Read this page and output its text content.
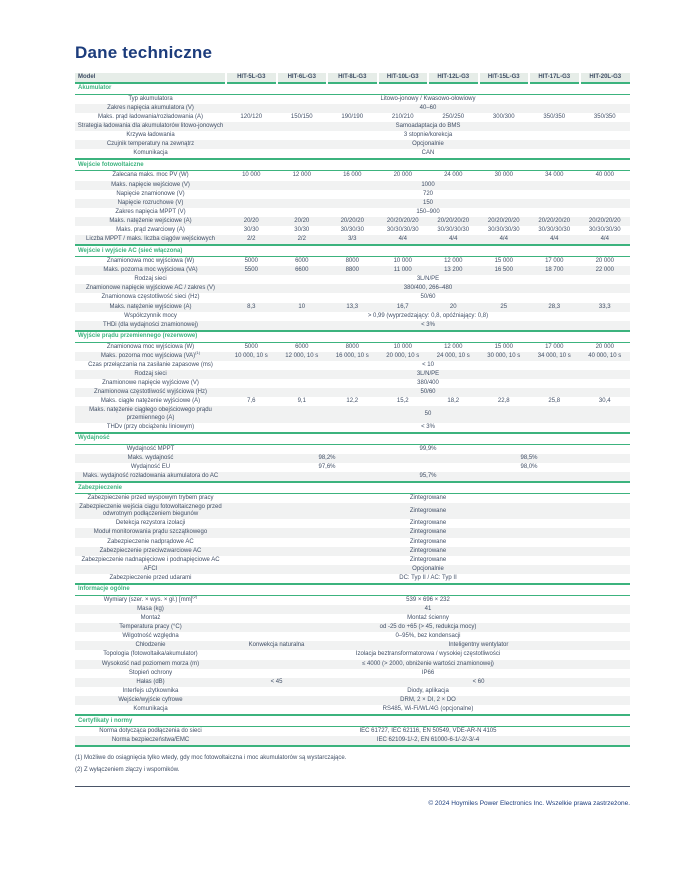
Dane techniczne
Model	HIT-5L-G3	HIT-6L-G3	HIT-8L-G3	HIT-10L-G3	HIT-12L-G3	HIT-15L-G3	HIT-17L-G3	HIT-20L-G3
Akumulator								
Typ akumulatora	Litowo-jonowy / Kwasowo-ołowiowy							
Zakres napięcia akumulatora (V)	40–60							
Maks. prąd ładowania/rozładowania (A)	120/120	150/150	190/190	210/210	250/250	300/300	350/350	350/350
Strategia ładowania dla akumulatorów litowo-jonowych	Samoadaptacja do BMS							
Krzywa ładowania	3 stopnie/korekcja							
Czujnik temperatury na zewnątrz	Opcjonalnie							
Komunikacja	CAN							
Wejście fotowoltaiczne								
Zalecana maks. moc PV (W)	10 000	12 000	16 000	20 000	24 000	30 000	34 000	40 000
Maks. napięcie wejściowe (V)	1000							
Napięcie znamionowe (V)	720							
Napięcie rozruchowe (V)	150							
Zakres napięcia MPPT (V)	150–900							
Maks. natężenie wejściowe (A)	20/20	20/20	20/20/20	20/20/20/20	20/20/20/20	20/20/20/20	20/20/20/20	20/20/20/20
Maks. prąd zwarciowy (A)	30/30	30/30	30/30/30	30/30/30/30	30/30/30/30	30/30/30/30	30/30/30/30	30/30/30/30
Liczba MPPT / maks. liczba ciągów wejściowych	2/2	2/2	3/3	4/4	4/4	4/4	4/4	4/4
Wejście i wyjście AC (sieć włączona)								
Znamionowa moc wyjściowa (W)	5000	6000	8000	10 000	12 000	15 000	17 000	20 000
Maks. pozorna moc wyjściowa (VA)	5500	6600	8800	11 000	13 200	16 500	18 700	22 000
Rodzaj sieci	3L/N/PE							
Znamionowe napięcie wyjściowe AC / zakres (V)	380/400, 266–480							
Znamionowa częstotliwość sieci (Hz)	50/60							
Maks. natężenie wyjściowe (A)	8,3	10	13,3	16,7	20	25	28,3	33,3
Współczynnik mocy	> 0,99 (wyprzedzający: 0,8, opóźniający: 0,8)							
THDi (dla wydajności znamionowej)	< 3%							
Wyjście prądu przemiennego (rezerwowe)								
Znamionowa moc wyjściowa (W)	5000	6000	8000	10 000	12 000	15 000	17 000	20 000
Maks. pozorna moc wyjściowa (VA)$^{(1)}$	10 000, 10 s	12 000, 10 s	16 000, 10 s	20 000, 10 s	24 000, 10 s	30 000, 10 s	34 000, 10 s	40 000, 10 s
Czas przełączania na zasilanie zapasowe (ms)	< 10							
Rodzaj sieci	3L/N/PE							
Znamionowe napięcie wyjściowe (V)	380/400							
Znamionowa częstotliwość wyjściowa (Hz)	50/60							
Maks. ciągłe natężenie wyjściowe (A)	7,6	9,1	12,2	15,2	18,2	22,8	25,8	30,4
Maks. natężenie ciągłego obejściowego prądu przemiennego (A)	50							
THDv (przy obciążeniu liniowym)	< 3%							
Wydajność								
Wydajność MPPT	99,9%							
Maks. wydajność	98,2%				98,5%			
Wydajność EU	97,6%				98,0%			
Maks. wydajność rozładowania akumulatora do AC	95,7%							
Zabezpieczenie								
Zabezpieczenie przed wyspowym trybem pracy	Zintegrowane							
Zabezpieczenie wejścia ciągu fotowoltaicznego przed odwrotnym podłączeniem biegunów	Zintegrowane							
Detekcja rezystora izolacji	Zintegrowane							
Moduł monitorowania prądu szczątkowego	Zintegrowane							
Zabezpieczenie nadprądowe AC	Zintegrowane							
Zabezpieczenie przeciwzwarciowe AC	Zintegrowane							
Zabezpieczenie nadnapięciowe i podnapięciowe AC	Zintegrowane							
AFCI	Opcjonalnie							
Zabezpieczenie przed udarami	DC: Typ II / AC: Typ II							
Informacje ogólne								
Wymiary (szer. × wys. × gł.) [mm]$^{(2)}$	539 × 696 × 232							
Masa (kg)	41							
Montaż	Montaż ścienny							
Temperatura pracy (°C)	od -25 do +65 (> 45, redukcja mocy)							
Wilgotność względna	0–95%, bez kondensacji							
Chłodzenie	Konwekcja naturalna		Inteligentny wentylator					
Topologia (fotowoltaika/akumulator)	Izolacja beztransformatorowa / wysokiej częstotliwości							
Wysokość nad poziomem morza (m)	≤ 4000 (> 2000, obniżenie wartości znamionowej)							
Stopień ochrony	IP66							
Hałas (dB)	< 45		< 60					
Interfejs użytkownika	Diody, aplikacja							
Wejście/wyjście cyfrowe	DRM, 2 × DI, 2 × DO							
Komunikacja	RS485, Wi-Fi/WL/4G (opcjonalne)							
Certyfikaty i normy								
Norma dotycząca podłączenia do sieci	IEC 61727, IEC 62116, EN 50549, VDE-AR-N 4105							
Norma bezpieczeństwa/EMC	IEC 62109-1/-2, EN 61000-6-1/-2/-3/-4							
(1) Możliwe do osiągnięcia tylko wtedy, gdy moc fotowoltaiczna i moc akumulatorów są wystarczające.
(2) Z wyłączeniem złączy i wsporników.
© 2024 Hoymiles Power Electronics Inc. Wszelkie prawa zastrzeżone.
